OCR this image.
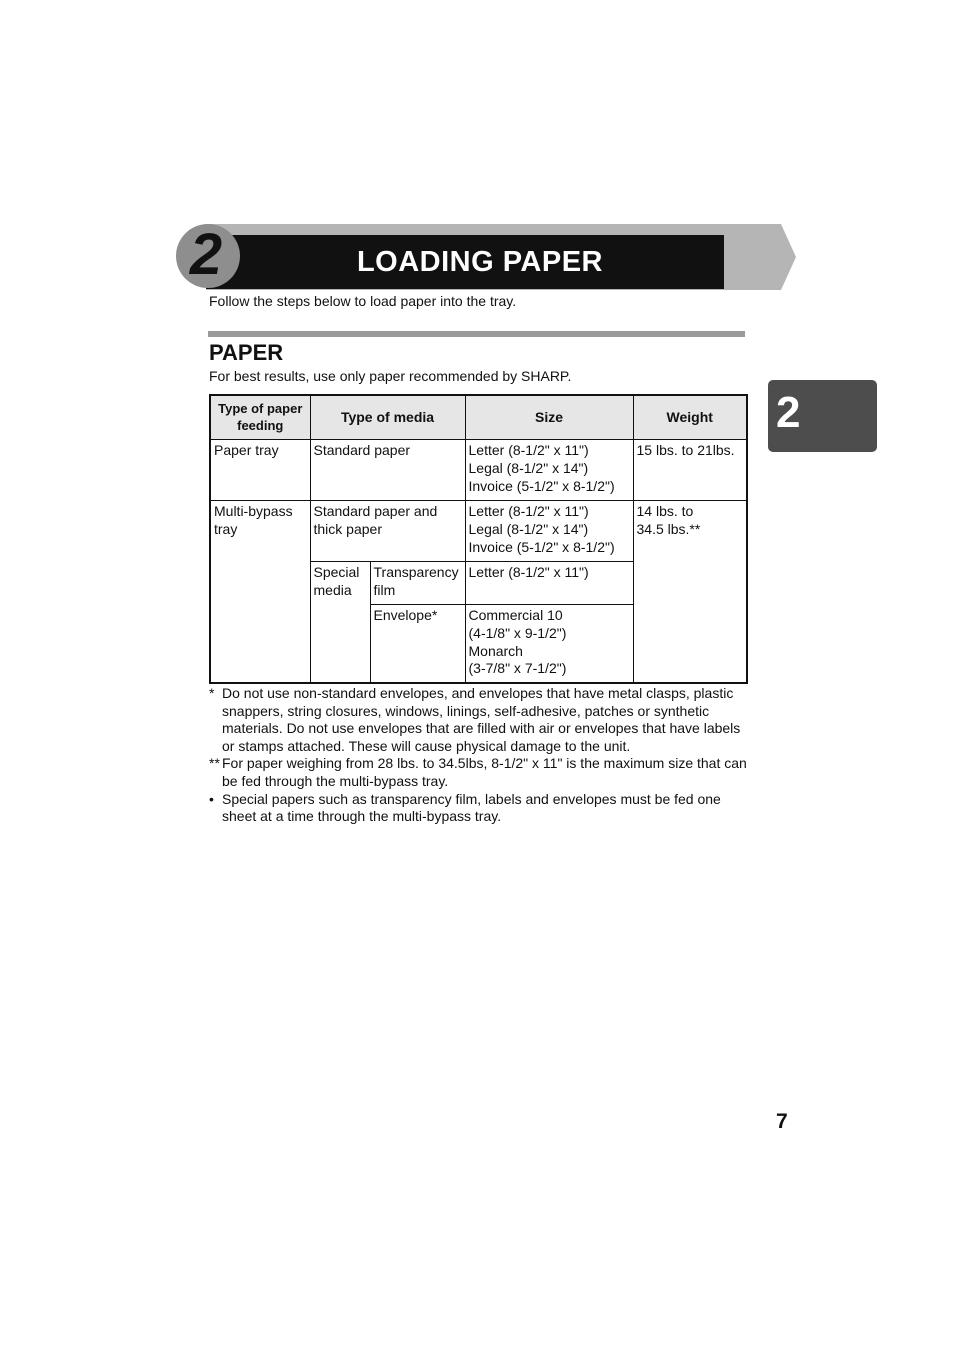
2	LOADING PAPER
Follow the steps below to load paper into the tray.
PAPER
For best results, use only paper recommended by SHARP.
2
Type of paper
feeding	Type of media		Size	Weight
Paper tray	Standard paper		Letter (8-1/2" x 11")
Legal (8-1/2" x 14")
Invoice (5-1/2" x 8-1/2")	15 lbs. to 21lbs.

Multi-bypass
tray	Standard paper and
thick paper		Letter (8-1/2" x 11")
Legal (8-1/2" x 14")
Invoice (5-1/2" x 8-1/2")	14 lbs. to
34.5 lbs.**

	Special
media	Transparency
film	Letter (8-1/2" x 11")	
		Envelope*	Commercial 10
(4-1/8" x 9-1/2")
Monarch
(3-7/8" x 7-1/2")	
* Do not use non-standard envelopes, and envelopes that have metal clasps, plastic snappers, string closures, windows, linings, self-adhesive, patches or synthetic materials. Do not use envelopes that are filled with air or envelopes that have labels or stamps attached. These will cause physical damage to the unit.
** For paper weighing from 28 lbs. to 34.5lbs, 8-1/2" x 11" is the maximum size that can be fed through the multi-bypass tray.
• Special papers such as transparency film, labels and envelopes must be fed one sheet at a time through the multi-bypass tray.
7
